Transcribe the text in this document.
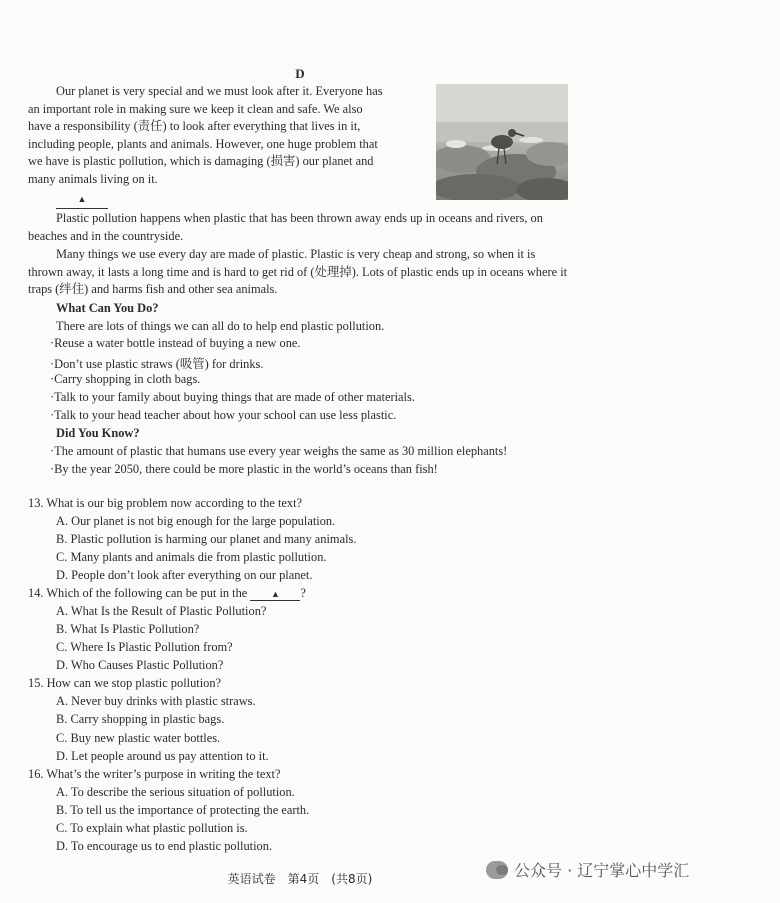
D
Our planet is very special and we must look after it. Everyone has
an important role in making sure we keep it clean and safe. We also
have a responsibility (责任) to look after everything that lives in it,
including people, plants and animals. However, one huge problem that
we have is plastic pollution, which is damaging (损害) our planet and
many animals living on it.
▲

Plastic pollution happens when plastic that has been thrown away ends up in oceans and rivers, on beaches and in the countryside.

Many things we use every day are made of plastic. Plastic is very cheap and strong, so when it is thrown away, it lasts a long time and is hard to get rid of (处理掉). Lots of plastic ends up in oceans where it traps (绊住) and harms fish and other sea animals.

What Can You Do?
There are lots of things we can all do to help end plastic pollution.
·Reuse a water bottle instead of buying a new one.
·Don’t use plastic straws (吸管) for drinks.
·Carry shopping in cloth bags.
·Talk to your family about buying things that are made of other materials.
·Talk to your head teacher about how your school can use less plastic.
Did You Know?
·The amount of plastic that humans use every year weighs the same as 30 million elephants!
·By the year 2050, there could be more plastic in the world’s oceans than fish!
13. What is our big problem now according to the text?
A. Our planet is not big enough for the large population.
B. Plastic pollution is harming our planet and many animals.
C. Many plants and animals die from plastic pollution.
D. People don’t look after everything on our planet.
14. Which of the following can be put in the	▲ ?
A. What Is the Result of Plastic Pollution?
B. What Is Plastic Pollution?
C. Where Is Plastic Pollution from?
D. Who Causes Plastic Pollution?
15. How can we stop plastic pollution?
A. Never buy drinks with plastic straws.
B. Carry shopping in plastic bags.
C. Buy new plastic water bottles.
D. Let people around us pay attention to it.
16. What’s the writer’s purpose in writing the text?
A. To describe the serious situation of pollution.
B. To tell us the importance of protecting the earth.
C. To explain what plastic pollution is.
D. To encourage us to end plastic pollution.
英语试卷　第4页　(共8页)	公众号 · 辽宁掌心中学汇
